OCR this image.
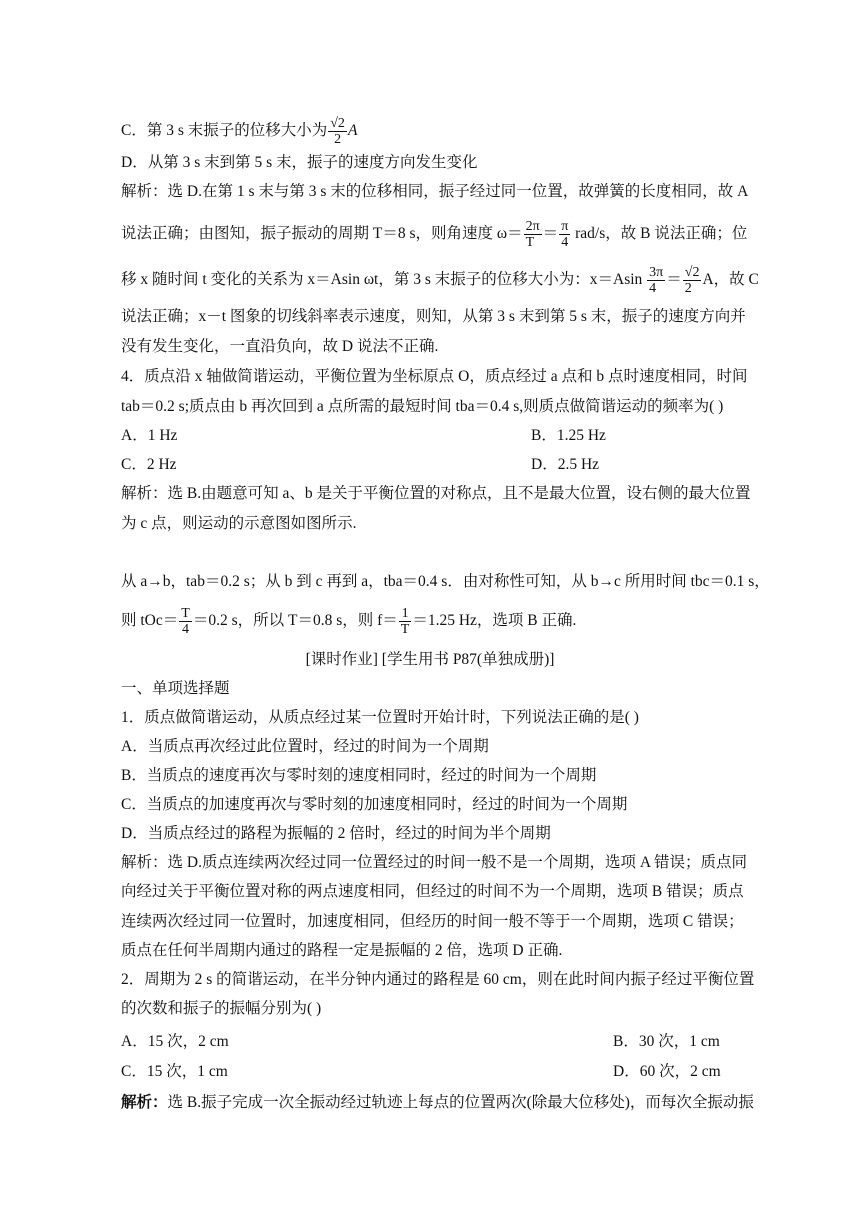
C．第 3 s 末振子的位移大小为 $\frac{√2}{2}$ A
D．从第 3 s 末到第 5 s 末，振子的速度方向发生变化
解析：选 D.在第 1 s 末与第 3 s 末的位移相同，振子经过同一位置，故弹簧的长度相同，故 A
说法正确；由图知，振子振动的周期 T＝8 s，则角速度 $\omega= \frac{2\pi}{T} = \frac{\pi}{4} rad/s$，故 B 说法正确；位
移 x 随时间 t 变化的关系为 x＝Asin ωt，第 3 s 末振子的位移大小为：$x=Asin \frac{3\pi}{4} = \frac{√2}{2}$ A，故 C
说法正确；x－t 图象的切线斜率表示速度，则知，从第 3 s 末到第 5 s 末，振子的速度方向并
没有发生变化，一直沿负向，故 D 说法不正确.
4．质点沿 x 轴做简谐运动，平衡位置为坐标原点 O，质点经过 a 点和 b 点时速度相同，时间
tab＝0.2 s;质点由 b 再次回到 a 点所需的最短时间 tba＝0.4 s,则质点做简谐运动的频率为( )
A．1 Hz	B．1.25 Hz
C．2 Hz	D．2.5 Hz
解析：选 B.由题意可知 a、b 是关于平衡位置的对称点，且不是最大位置，设右侧的最大位置
为 c 点，则运动的示意图如图所示.
从 a→b，tab＝0.2 s；从 b 到 c 再到 a，tba＝0.4 s．由对称性可知，从 b→c 所用时间 tbc＝0.1 s，
则 $tOc= \frac{T}{4} =0.2$ s，所以 T＝0.8 s，则 $f= \frac{1}{T} =1.25$ Hz，选项 B 正确.
[课时作业] [学生用书 P87(单独成册)]
一、单项选择题
1．质点做简谐运动，从质点经过某一位置时开始计时，下列说法正确的是( )
A．当质点再次经过此位置时，经过的时间为一个周期
B．当质点的速度再次与零时刻的速度相同时，经过的时间为一个周期
C．当质点的加速度再次与零时刻的加速度相同时，经过的时间为一个周期
D．当质点经过的路程为振幅的 2 倍时，经过的时间为半个周期
解析：选 D.质点连续两次经过同一位置经过的时间一般不是一个周期，选项 A 错误；质点同
向经过关于平衡位置对称的两点速度相同，但经过的时间不为一个周期，选项 B 错误；质点
连续两次经过同一位置时，加速度相同，但经历的时间一般不等于一个周期，选项 C 错误；
质点在任何半周期内通过的路程一定是振幅的 2 倍，选项 D 正确.
2．周期为 2 s 的简谐运动，在半分钟内通过的路程是 60 cm，则在此时间内振子经过平衡位置
的次数和振子的振幅分别为( )
A．15 次，2 cm	B．30 次，1 cm
C．15 次，1 cm	D．60 次，2 cm
解析：选 B.振子完成一次全振动经过轨迹上每点的位置两次(除最大位移处)，而每次全振动振
